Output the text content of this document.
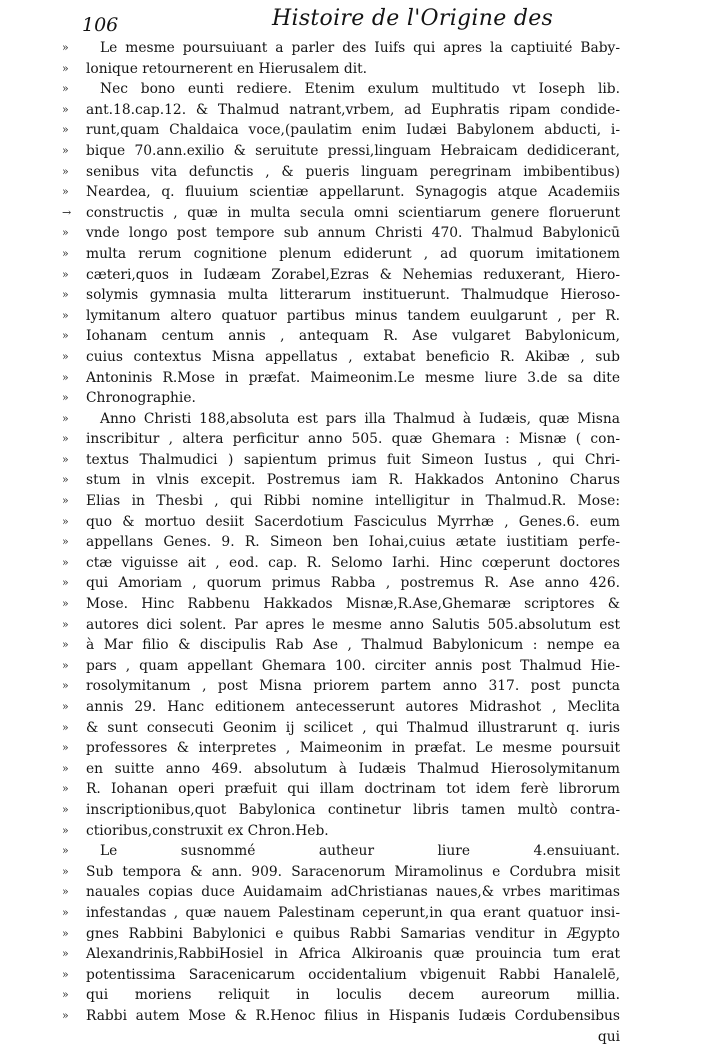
106	Histoire de l'Origine des
» Le mesme poursuiuant a parler des Iuifs qui apres la captiuité Baby-
» lonique retournerent en Hierusalem dit.
» Nec bono eunti rediere. Etenim exulum multitudo vt Ioseph lib.
» ant.18.cap.12. & Thalmud natrant,vrbem, ad Euphratis ripam condide-
» runt,quam Chaldaica voce,(paulatim enim Iudæi Babylonem abducti, i-
» bique 70.ann.exilio & seruitute pressi,linguam Hebraicam dedidicerant,
» senibus vita defunctis , & pueris linguam peregrinam imbibentibus)
» Neardea, q. fluuium scientiæ appellarunt. Synagogis atque Academiis
→ constructis , quæ in multa secula omni scientiarum genere floruerunt
» vnde longo post tempore sub annum Christi 470. Thalmud Babylonicū
» multa rerum cognitione plenum ediderunt , ad quorum imitationem
» cæteri,quos in Iudæam Zorabel,Ezras & Nehemias reduxerant, Hiero-
» solymis gymnasia multa litterarum instituerunt. Thalmudque Hieroso-
» lymitanum altero quatuor partibus minus tandem euulgarunt , per R.
» Iohanam centum annis , antequam R. Ase vulgaret Babylonicum,
» cuius contextus Misna appellatus , extabat beneficio R. Akibæ , sub
» Antoninis R.Mose in præfat. Maimeonim.Le mesme liure 3.de sa dite
» Chronographie.
» Anno Christi 188,absoluta est pars illa Thalmud à Iudæis, quæ Misna
» inscribitur , altera perficitur anno 505. quæ Ghemara : Misnæ ( con-
» textus Thalmudici ) sapientum primus fuit Simeon Iustus , qui Chri-
» stum in vlnis excepit. Postremus iam R. Hakkados Antonino Charus
» Elias in Thesbi , qui Ribbi nomine intelligitur in Thalmud.R. Mose:
» quo & mortuo desiit Sacerdotium Fasciculus Myrrhæ , Genes.6. eum
» appellans Genes. 9. R. Simeon ben Iohai,cuius ætate iustitiam perfe-
» ctæ viguisse ait , eod. cap. R. Selomo Iarhi. Hinc cœperunt doctores
» qui Amoriam , quorum primus Rabba , postremus R. Ase anno 426.
» Mose. Hinc Rabbenu Hakkados Misnæ,R.Ase,Ghemaræ scriptores &
» autores dici solent. Par apres le mesme anno Salutis 505.absolutum est
» à Mar filio & discipulis Rab Ase , Thalmud Babylonicum : nempe ea
» pars , quam appellant Ghemara 100. circiter annis post Thalmud Hie-
» rosolymitanum , post Misna priorem partem anno 317. post puncta
» annis 29. Hanc editionem antecesserunt autores Midrashot , Meclita
» & sunt consecuti Geonim ij scilicet , qui Thalmud illustrarunt q. iuris
» professores & interpretes , Maimeonim in præfat. Le mesme poursuit
» en suitte anno 469. absolutum à Iudæis Thalmud Hierosolymitanum
» R. Iohanan operi præfuit qui illam doctrinam tot idem ferè librorum
» inscriptionibus,quot Babylonica continetur libris tamen multò contra-
» ctioribus,construxit ex Chron.Heb.
» Le susnommé autheur liure 4.ensuiuant.
» Sub tempora & ann. 909. Saracenorum Miramolinus e Cordubra misit
» nauales copias duce Auidamaim adChristianas naues,& vrbes maritimas
» infestandas , quæ nauem Palestinam ceperunt,in qua erant quatuor insi-
» gnes Rabbini Babylonici e quibus Rabbi Samarias venditur in Ægypto
» Alexandrinis,RabbiHosiel in Africa Alkiroanis quæ prouincia tum erat
» potentissima Saracenicarum occidentalium vbigenuit Rabbi Hanalelē,
» qui moriens reliquit in loculis decem aureorum millia.
» Rabbi autem Mose & R.Henoc filius in Hispanis Iudæis Cordubensibus
qui
